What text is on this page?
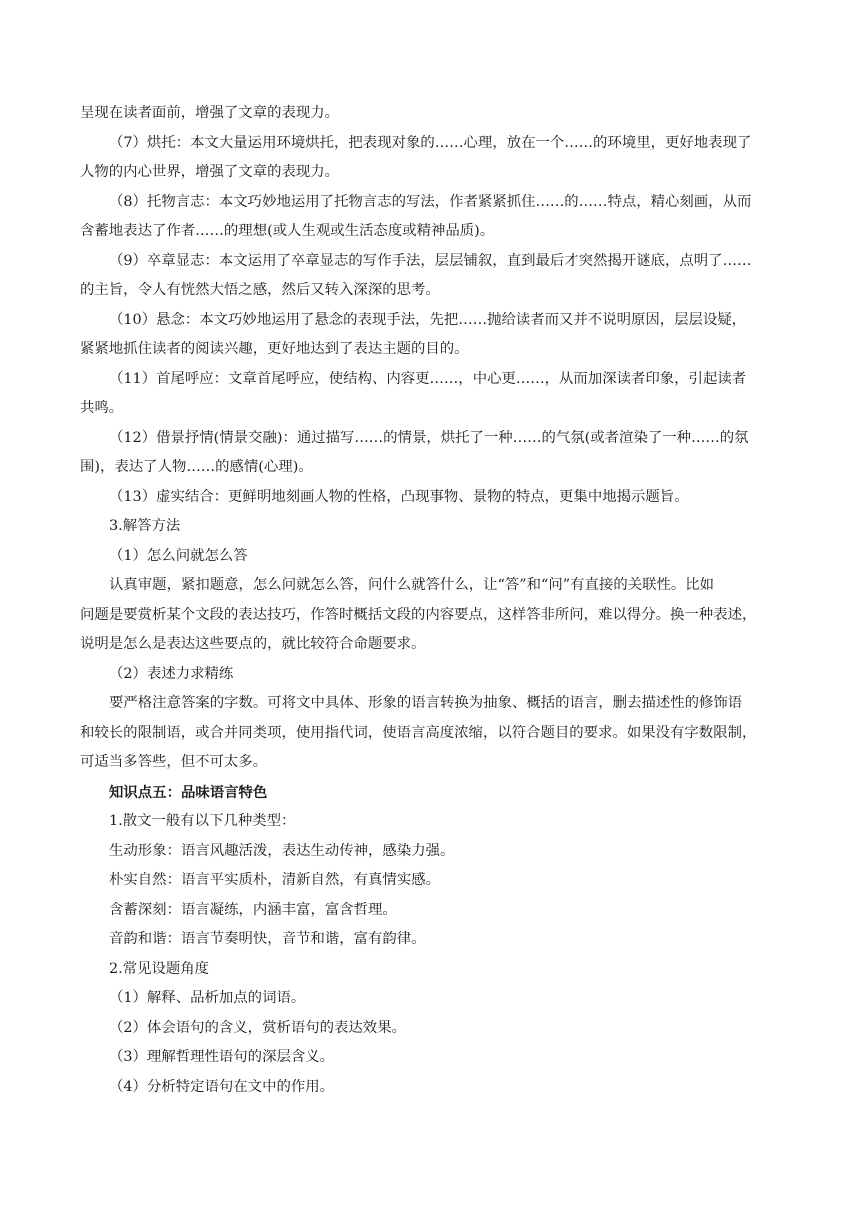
呈现在读者面前，增强了文章的表现力。
（7）烘托：本文大量运用环境烘托，把表现对象的……心理，放在一个……的环境里，更好地表现了
人物的内心世界，增强了文章的表现力。
（8）托物言志：本文巧妙地运用了托物言志的写法，作者紧紧抓住……的……特点，精心刻画，从而
含蓄地表达了作者……的理想(或人生观或生活态度或精神品质)。
（9）卒章显志：本文运用了卒章显志的写作手法，层层铺叙，直到最后才突然揭开谜底，点明了……
的主旨，令人有恍然大悟之感，然后又转入深深的思考。
（10）悬念：本文巧妙地运用了悬念的表现手法，先把……抛给读者而又并不说明原因，层层设疑，
紧紧地抓住读者的阅读兴趣，更好地达到了表达主题的目的。
（11）首尾呼应：文章首尾呼应，使结构、内容更……，中心更……，从而加深读者印象，引起读者
共鸣。
（12）借景抒情(情景交融)：通过描写……的情景，烘托了一种……的气氛(或者渲染了一种……的氛
围)，表达了人物……的感情(心理)。
（13）虚实结合：更鲜明地刻画人物的性格，凸现事物、景物的特点，更集中地揭示题旨。
3.解答方法
（1）怎么问就怎么答
认真审题，紧扣题意，怎么问就怎么答，问什么就答什么，让“答”和“问”有直接的关联性。比如
问题是要赏析某个文段的表达技巧，作答时概括文段的内容要点，这样答非所问，难以得分。换一种表述，
说明是怎么是表达这些要点的，就比较符合命题要求。
（2）表述力求精练
要严格注意答案的字数。可将文中具体、形象的语言转换为抽象、概括的语言，删去描述性的修饰语
和较长的限制语，或合并同类项，使用指代词，使语言高度浓缩，以符合题目的要求。如果没有字数限制，
可适当多答些，但不可太多。
知识点五：品味语言特色
1.散文一般有以下几种类型：
生动形象：语言风趣活泼，表达生动传神，感染力强。
朴实自然：语言平实质朴，清新自然，有真情实感。
含蓄深刻：语言凝练，内涵丰富，富含哲理。
音韵和谐：语言节奏明快，音节和谐，富有韵律。
2.常见设题角度
（1）解释、品析加点的词语。
（2）体会语句的含义，赏析语句的表达效果。
（3）理解哲理性语句的深层含义。
（4）分析特定语句在文中的作用。
